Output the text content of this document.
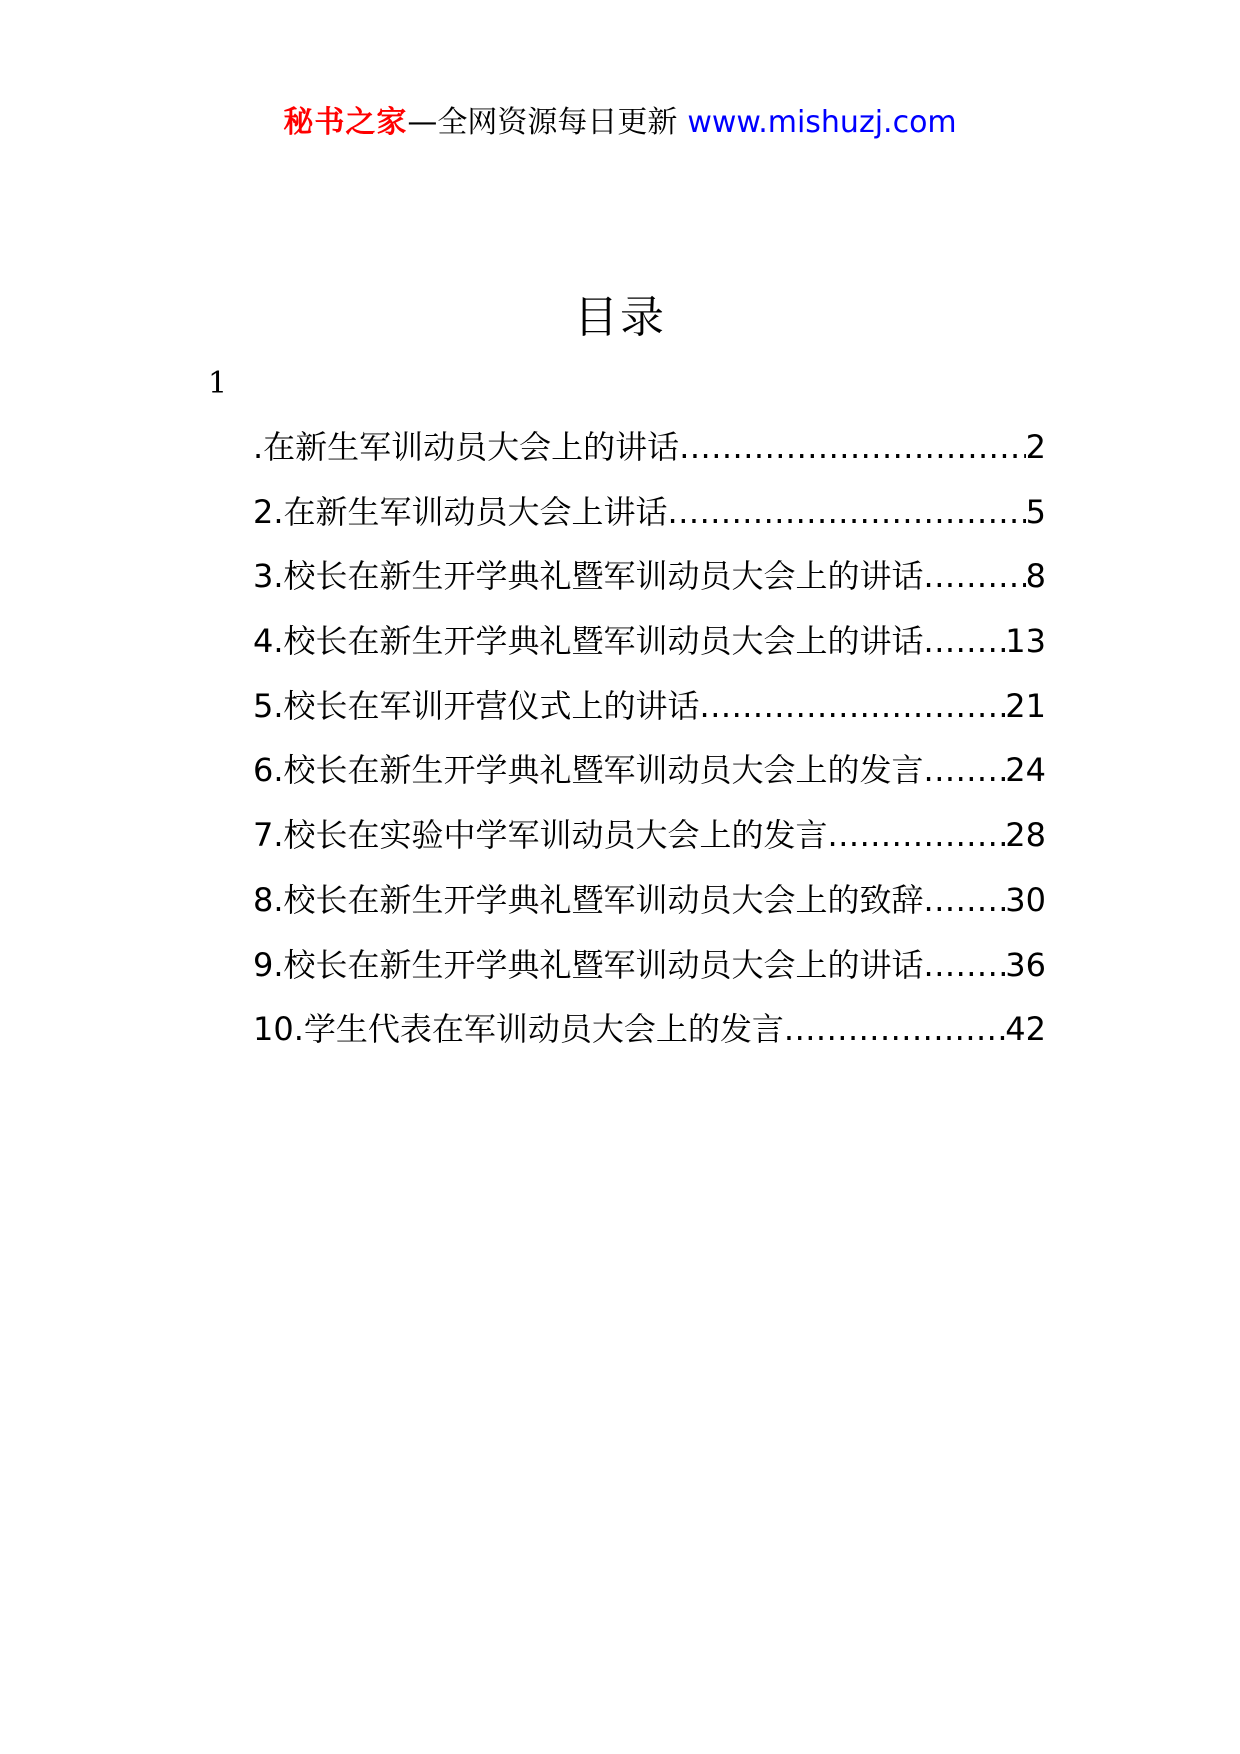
秘书之家—全网资源每日更新 www.mishuzj.com
目录
1
.在新生军训动员大会上的讲话 .....	2
2.在新生军训动员大会上讲话 .....	5
3.校长在新生开学典礼暨军训动员大会上的讲话 .....	8
4.校长在新生开学典礼暨军训动员大会上的讲话 .....	13
5.校长在军训开营仪式上的讲话 .....	21
6.校长在新生开学典礼暨军训动员大会上的发言 .....	24
7.校长在实验中学军训动员大会上的发言 .....	28
8.校长在新生开学典礼暨军训动员大会上的致辞 .....	30
9.校长在新生开学典礼暨军训动员大会上的讲话 .....	36
10.学生代表在军训动员大会上的发言 .....	42
